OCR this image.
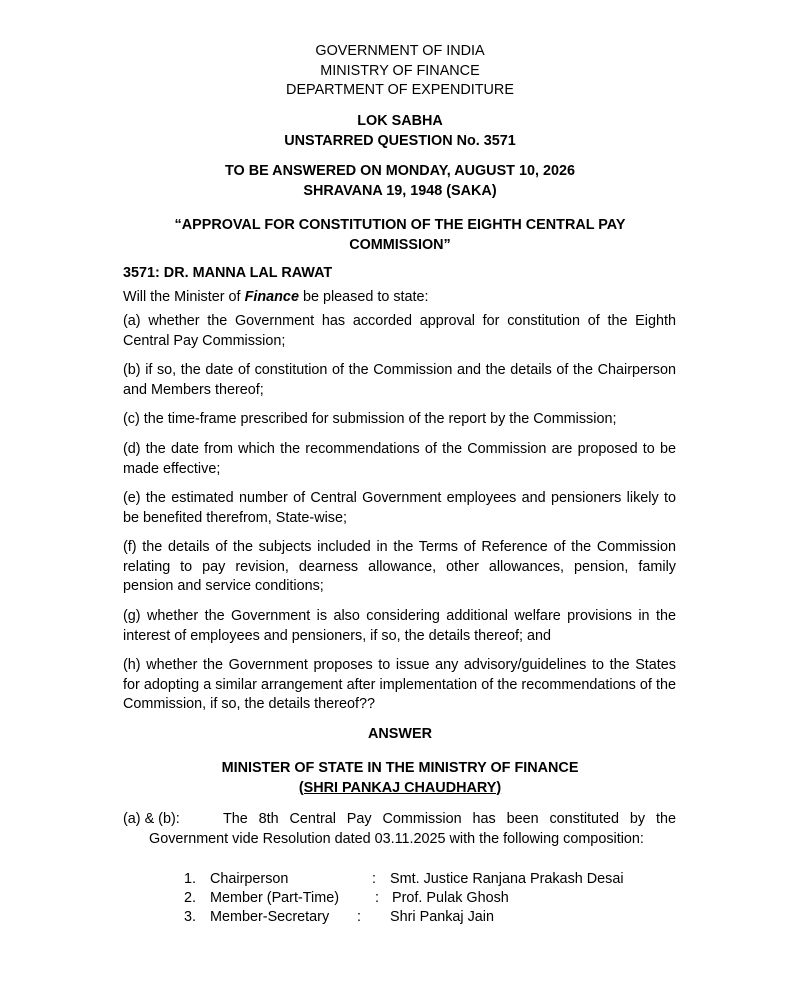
GOVERNMENT OF INDIA
MINISTRY OF FINANCE
DEPARTMENT OF EXPENDITURE
LOK SABHA
UNSTARRED QUESTION No. 3571
TO BE ANSWERED ON MONDAY, AUGUST 10, 2026
SHRAVANA 19, 1948 (SAKA)
“APPROVAL FOR CONSTITUTION OF THE EIGHTH CENTRAL PAY COMMISSION”
3571: DR. MANNA LAL RAWAT
Will the Minister of Finance be pleased to state:
(a) whether the Government has accorded approval for constitution of the Eighth Central Pay Commission;
(b) if so, the date of constitution of the Commission and the details of the Chairperson and Members thereof;
(c) the time-frame prescribed for submission of the report by the Commission;
(d) the date from which the recommendations of the Commission are proposed to be made effective;
(e) the estimated number of Central Government employees and pensioners likely to be benefited therefrom, State-wise;
(f) the details of the subjects included in the Terms of Reference of the Commission relating to pay revision, dearness allowance, other allowances, pension, family pension and service conditions;
(g) whether the Government is also considering additional welfare provisions in the interest of employees and pensioners, if so, the details thereof; and
(h) whether the Government proposes to issue any advisory/guidelines to the States for adopting a similar arrangement after implementation of the recommendations of the Commission, if so, the details thereof??
ANSWER
MINISTER OF STATE IN THE MINISTRY OF FINANCE
(SHRI PANKAJ CHAUDHARY)
(a) & (b):	The 8th Central Pay Commission has been constituted by the Government vide Resolution dated 03.11.2025 with the following composition:
1. Chairperson	: Smt. Justice Ranjana Prakash Desai
2. Member (Part-Time)	: Prof. Pulak Ghosh
3. Member-Secretary : Shri Pankaj Jain
